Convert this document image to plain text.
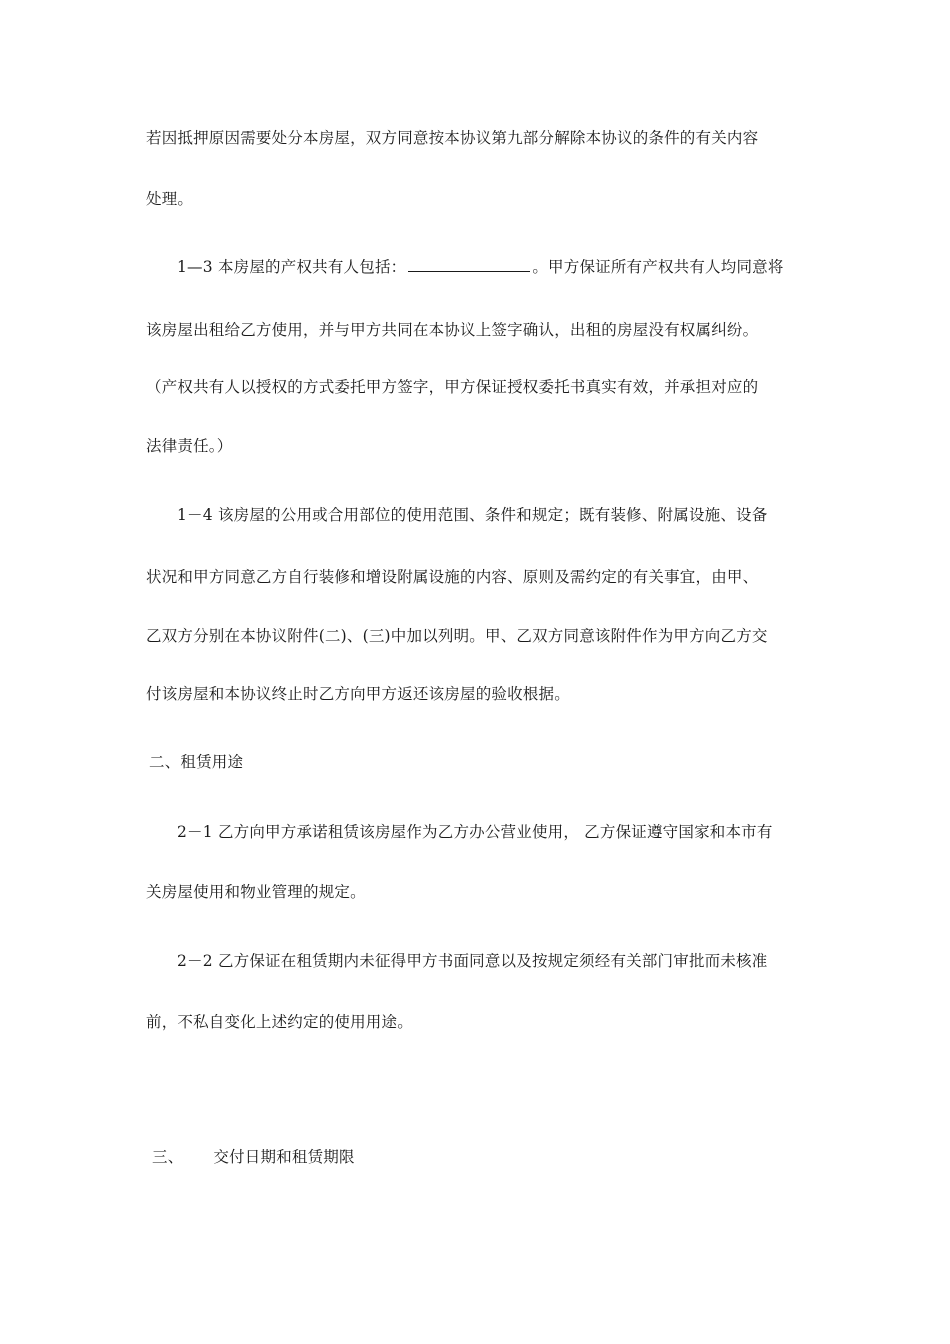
若因抵押原因需要处分本房屋，双方同意按本协议第九部分解除本协议的条件的有关内容
处理。
1—3 本房屋的产权共有人包括：	。甲方保证所有产权共有人均同意将
该房屋出租给乙方使用，并与甲方共同在本协议上签字确认，出租的房屋没有权属纠纷。
（产权共有人以授权的方式委托甲方签字，甲方保证授权委托书真实有效，并承担对应的
法律责任。）
1－4 该房屋的公用或合用部位的使用范围、条件和规定；既有装修、附属设施、设备
状况和甲方同意乙方自行装修和增设附属设施的内容、原则及需约定的有关事宜，由甲、
乙双方分别在本协议附件(二)、(三)中加以列明。甲、乙双方同意该附件作为甲方向乙方交
付该房屋和本协议终止时乙方向甲方返还该房屋的验收根据。
二、租赁用途
2－1 乙方向甲方承诺租赁该房屋作为乙方办公营业使用， 乙方保证遵守国家和本市有
关房屋使用和物业管理的规定。
2－2 乙方保证在租赁期内未征得甲方书面同意以及按规定须经有关部门审批而未核准
前，不私自变化上述约定的使用用途。
三、 交付日期和租赁期限
